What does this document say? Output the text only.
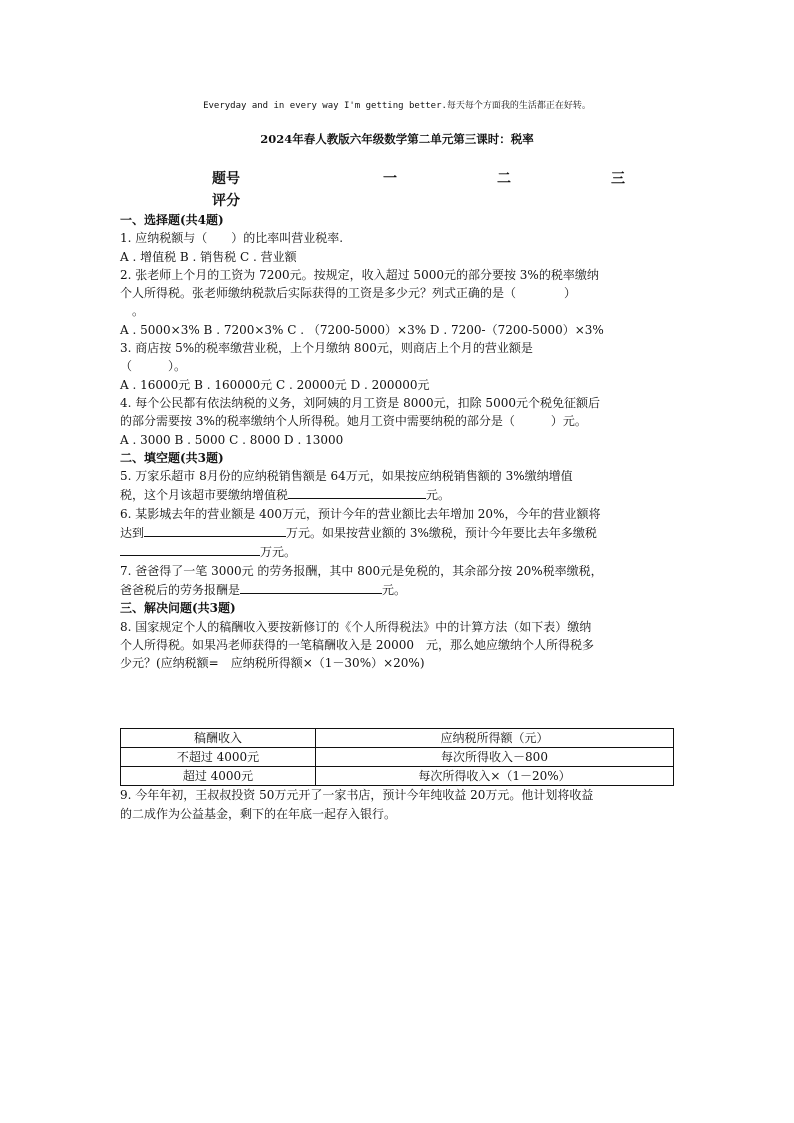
Everyday and in every way I'm getting better.每天每个方面我的生活都正在好转。
2024年春人教版六年级数学第二单元第三课时：税率
题号	一	二	三
评分
一、选择题(共4题)
1. 应纳税额与（　　）的比率叫营业税率.
A . 增值税 B . 销售税 C . 营业额
2. 张老师上个月的工资为 7200元。按规定，收入超过 5000元的部分要按 3%的税率缴纳
个人所得税。张老师缴纳税款后实际获得的工资是多少元？列式正确的是（　　　　）
。
A . 5000×3% B . 7200×3% C . （7200-5000）×3% D . 7200-（7200-5000）×3%
3. 商店按 5%的税率缴营业税，上个月缴纳 800元，则商店上个月的营业额是
（　　　）。
A . 16000元 B . 160000元 C . 20000元 D . 200000元
4. 每个公民都有依法纳税的义务，刘阿姨的月工资是 8000元，扣除 5000元个税免征额后
的部分需要按 3%的税率缴纳个人所得税。她月工资中需要纳税的部分是（　　　）元。
A . 3000 B . 5000 C . 8000 D . 13000
二、填空题(共3题)
5. 万家乐超市 8月份的应纳税销售额是 64万元，如果按应纳税销售额的 3%缴纳增值
税，这个月该超市要缴纳增值税	元。
6. 某影城去年的营业额是 400万元，预计今年的营业额比去年增加 20%，今年的营业额将
达到	万元。如果按营业额的 3%缴税，预计今年要比去年多缴税
万元。
7. 爸爸得了一笔 3000元 的劳务报酬，其中 800元是免税的，其余部分按 20%税率缴税，
爸爸税后的劳务报酬是	元。
三、解决问题(共3题)
8. 国家规定个人的稿酬收入要按新修订的《个人所得税法》中的计算方法（如下表）缴纳
个人所得税。如果冯老师获得的一笔稿酬收入是 20000　元，那么她应缴纳个人所得税多
少元？(应纳税额=　应纳税所得额×（1－30%）×20%)
稿酬收入	应纳税所得额（元）
不超过 4000元	每次所得收入－800
超过 4000元	每次所得收入×（1－20%）
9. 今年年初，王叔叔投资 50万元开了一家书店，预计今年纯收益 20万元。他计划将收益
的二成作为公益基金，剩下的在年底一起存入银行。
